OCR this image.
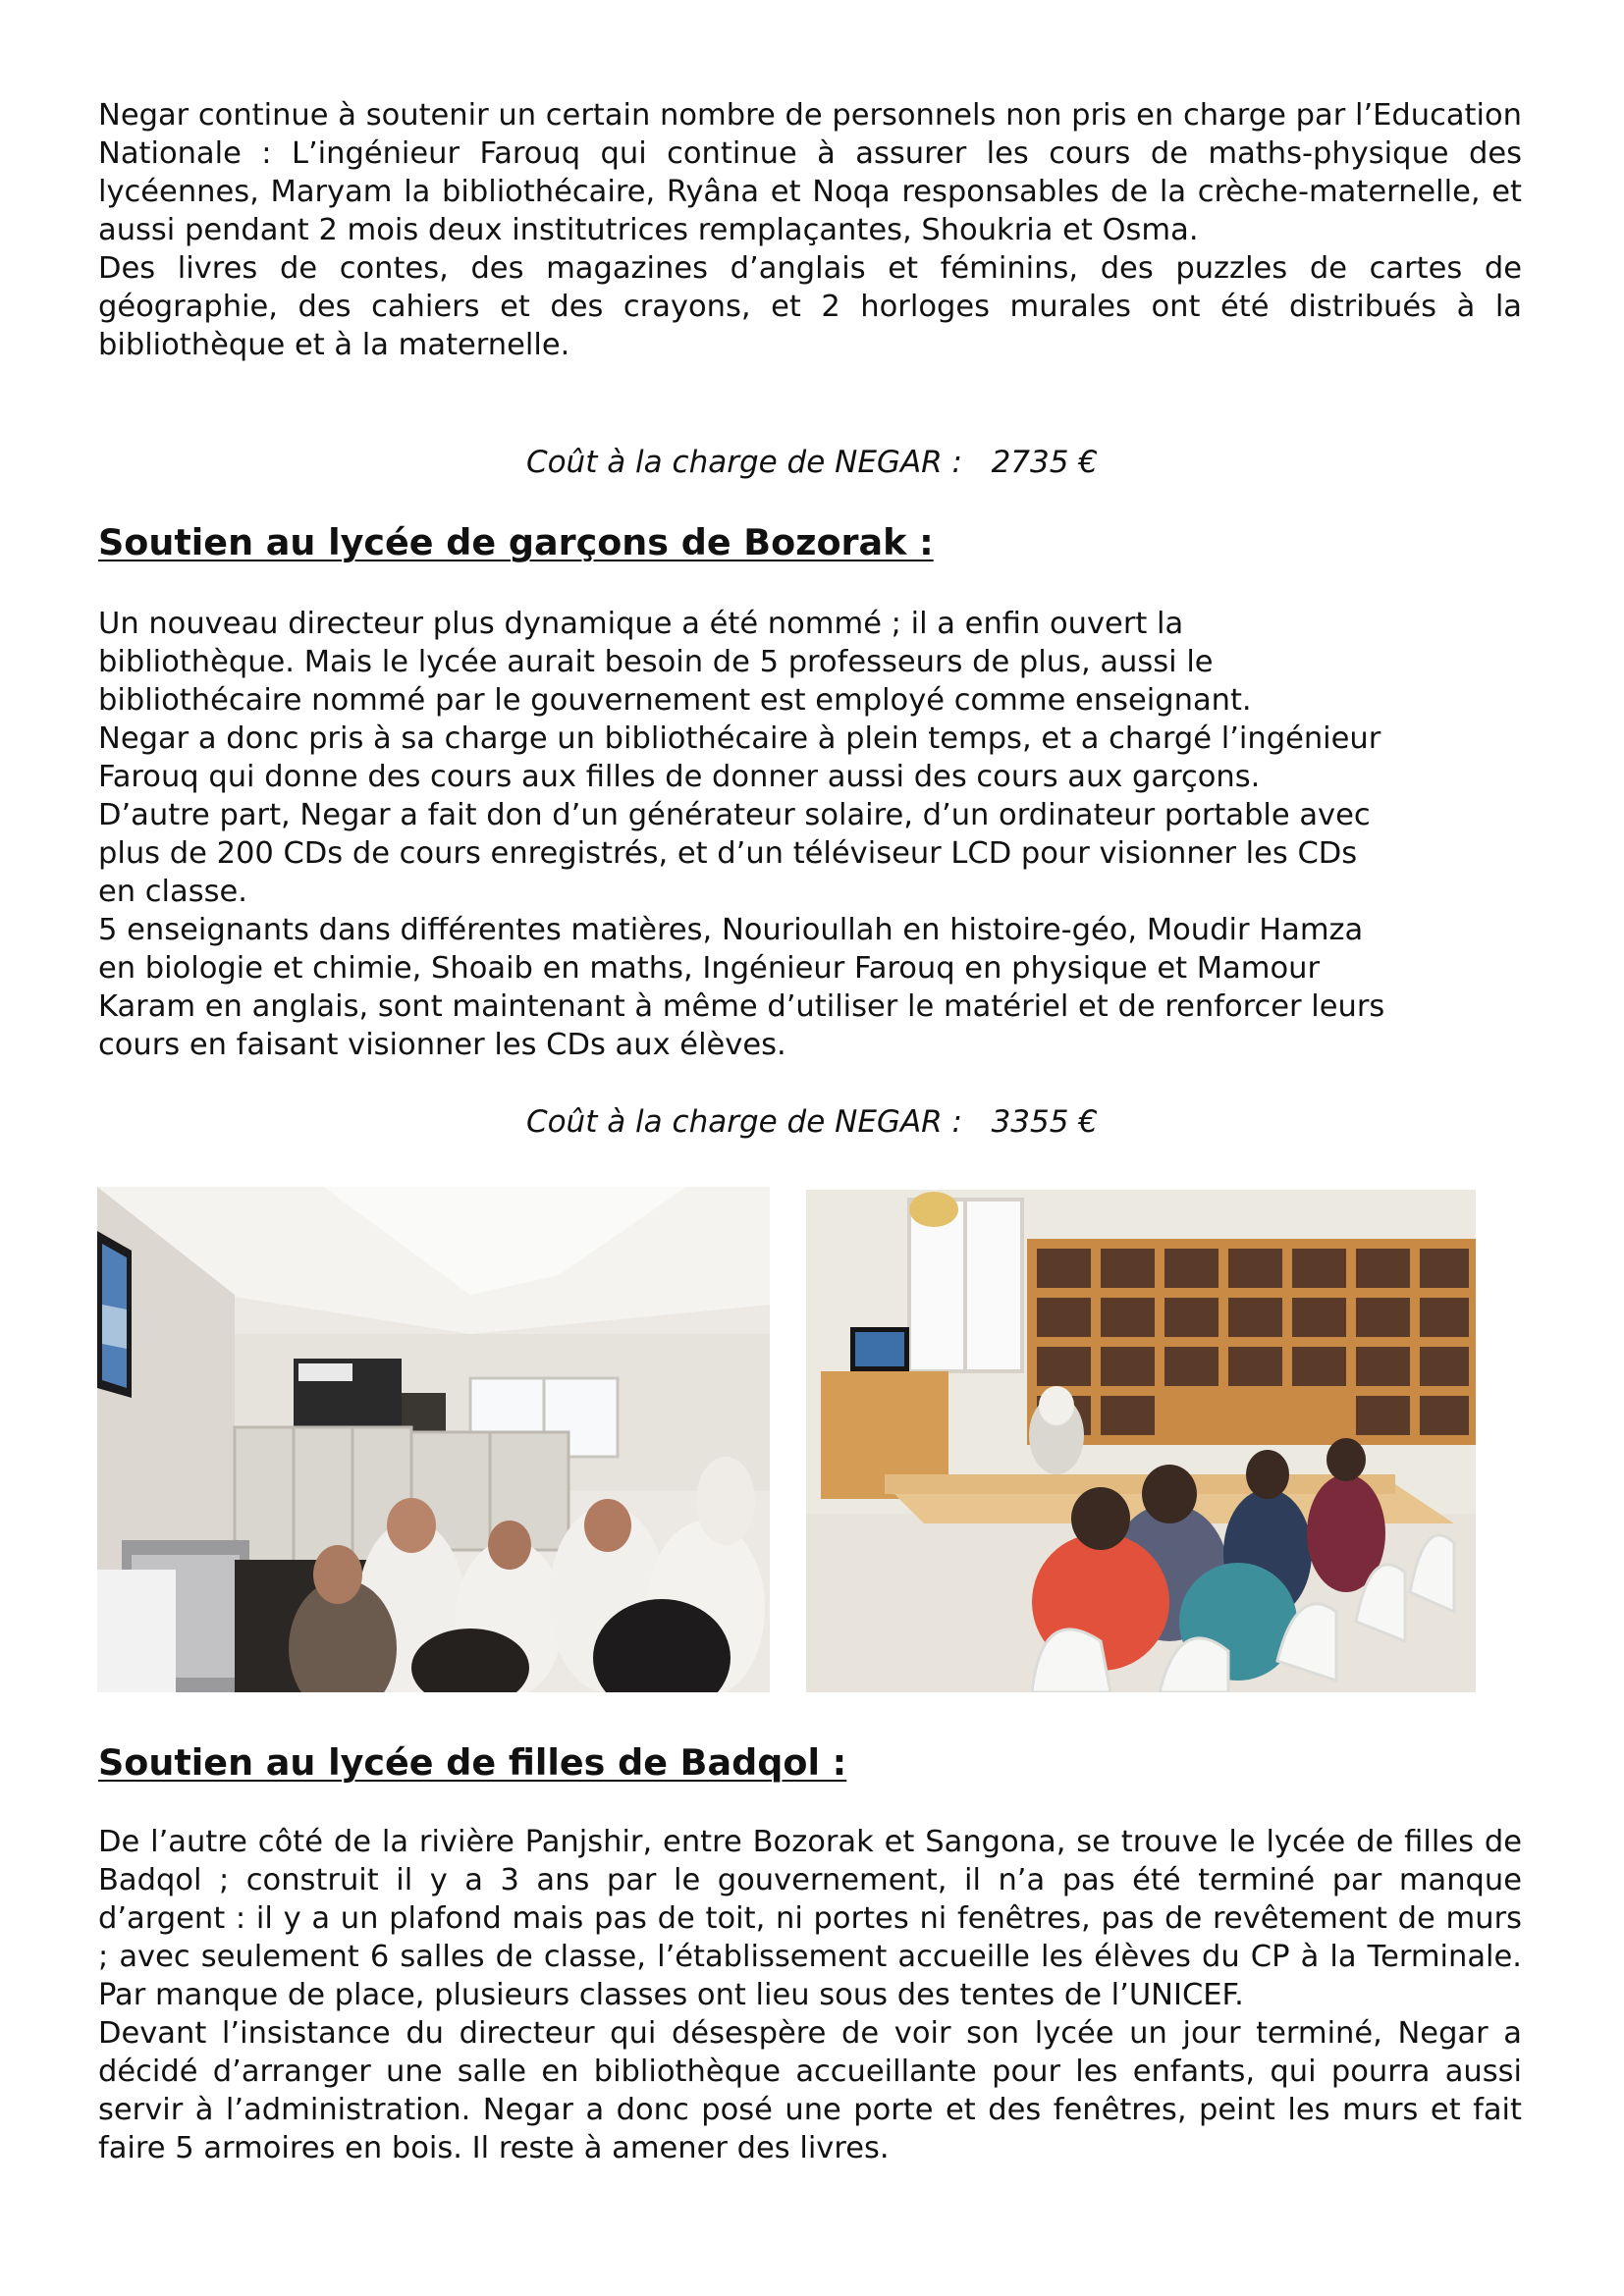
Negar continue à soutenir un certain nombre de personnels non pris en charge par l’Education Nationale : L’ingénieur Farouq qui continue à assurer les cours de maths-physique des lycéennes, Maryam la bibliothécaire, Ryâna et Noqa responsables de la crèche-maternelle, et aussi pendant 2 mois deux institutrices remplaçantes, Shoukria et Osma.

Des livres de contes, des magazines d’anglais et féminins, des puzzles de cartes de géographie, des cahiers et des crayons, et 2 horloges murales ont été distribués à la bibliothèque et à la maternelle.

Coût à la charge de NEGAR :   2735 €

Soutien au lycée de garçons de Bozorak :

Un nouveau directeur plus dynamique a été nommé ; il a enfin ouvert la

bibliothèque. Mais le lycée aurait besoin de 5 professeurs de plus, aussi le

bibliothécaire nommé par le gouvernement est employé comme enseignant.

Negar a donc pris à sa charge un bibliothécaire à plein temps, et a chargé l’ingénieur

Farouq qui donne des cours aux filles de donner aussi des cours aux garçons.

D’autre part, Negar a fait don d’un générateur solaire, d’un ordinateur portable avec

plus de 200 CDs de cours enregistrés, et d’un téléviseur LCD pour visionner les CDs

en classe.

5 enseignants dans différentes matières, Nourioullah en histoire-géo, Moudir Hamza

en biologie et chimie, Shoaib en maths, Ingénieur Farouq en physique et Mamour

Karam en anglais, sont maintenant à même d’utiliser le matériel et de renforcer leurs

cours en faisant visionner les CDs aux élèves.

Coût à la charge de NEGAR :   3355 €

Soutien au lycée de filles de Badqol :

De l’autre côté de la rivière Panjshir, entre Bozorak et Sangona, se trouve le lycée de filles de Badqol ; construit il y a 3 ans par le gouvernement, il n’a pas été terminé par manque d’argent : il y a un plafond mais pas de toit, ni portes ni fenêtres, pas de revêtement de murs ; avec seulement 6 salles de classe, l’établissement accueille les élèves du CP à la Terminale. Par manque de place, plusieurs classes ont lieu sous des tentes de l’UNICEF.

Devant l’insistance du directeur qui désespère de voir son lycée un jour terminé, Negar a décidé d’arranger une salle en bibliothèque accueillante pour les enfants, qui pourra aussi servir à l’administration. Negar a donc posé une porte et des fenêtres, peint les murs et fait faire 5 armoires en bois. Il reste à amener des livres.
